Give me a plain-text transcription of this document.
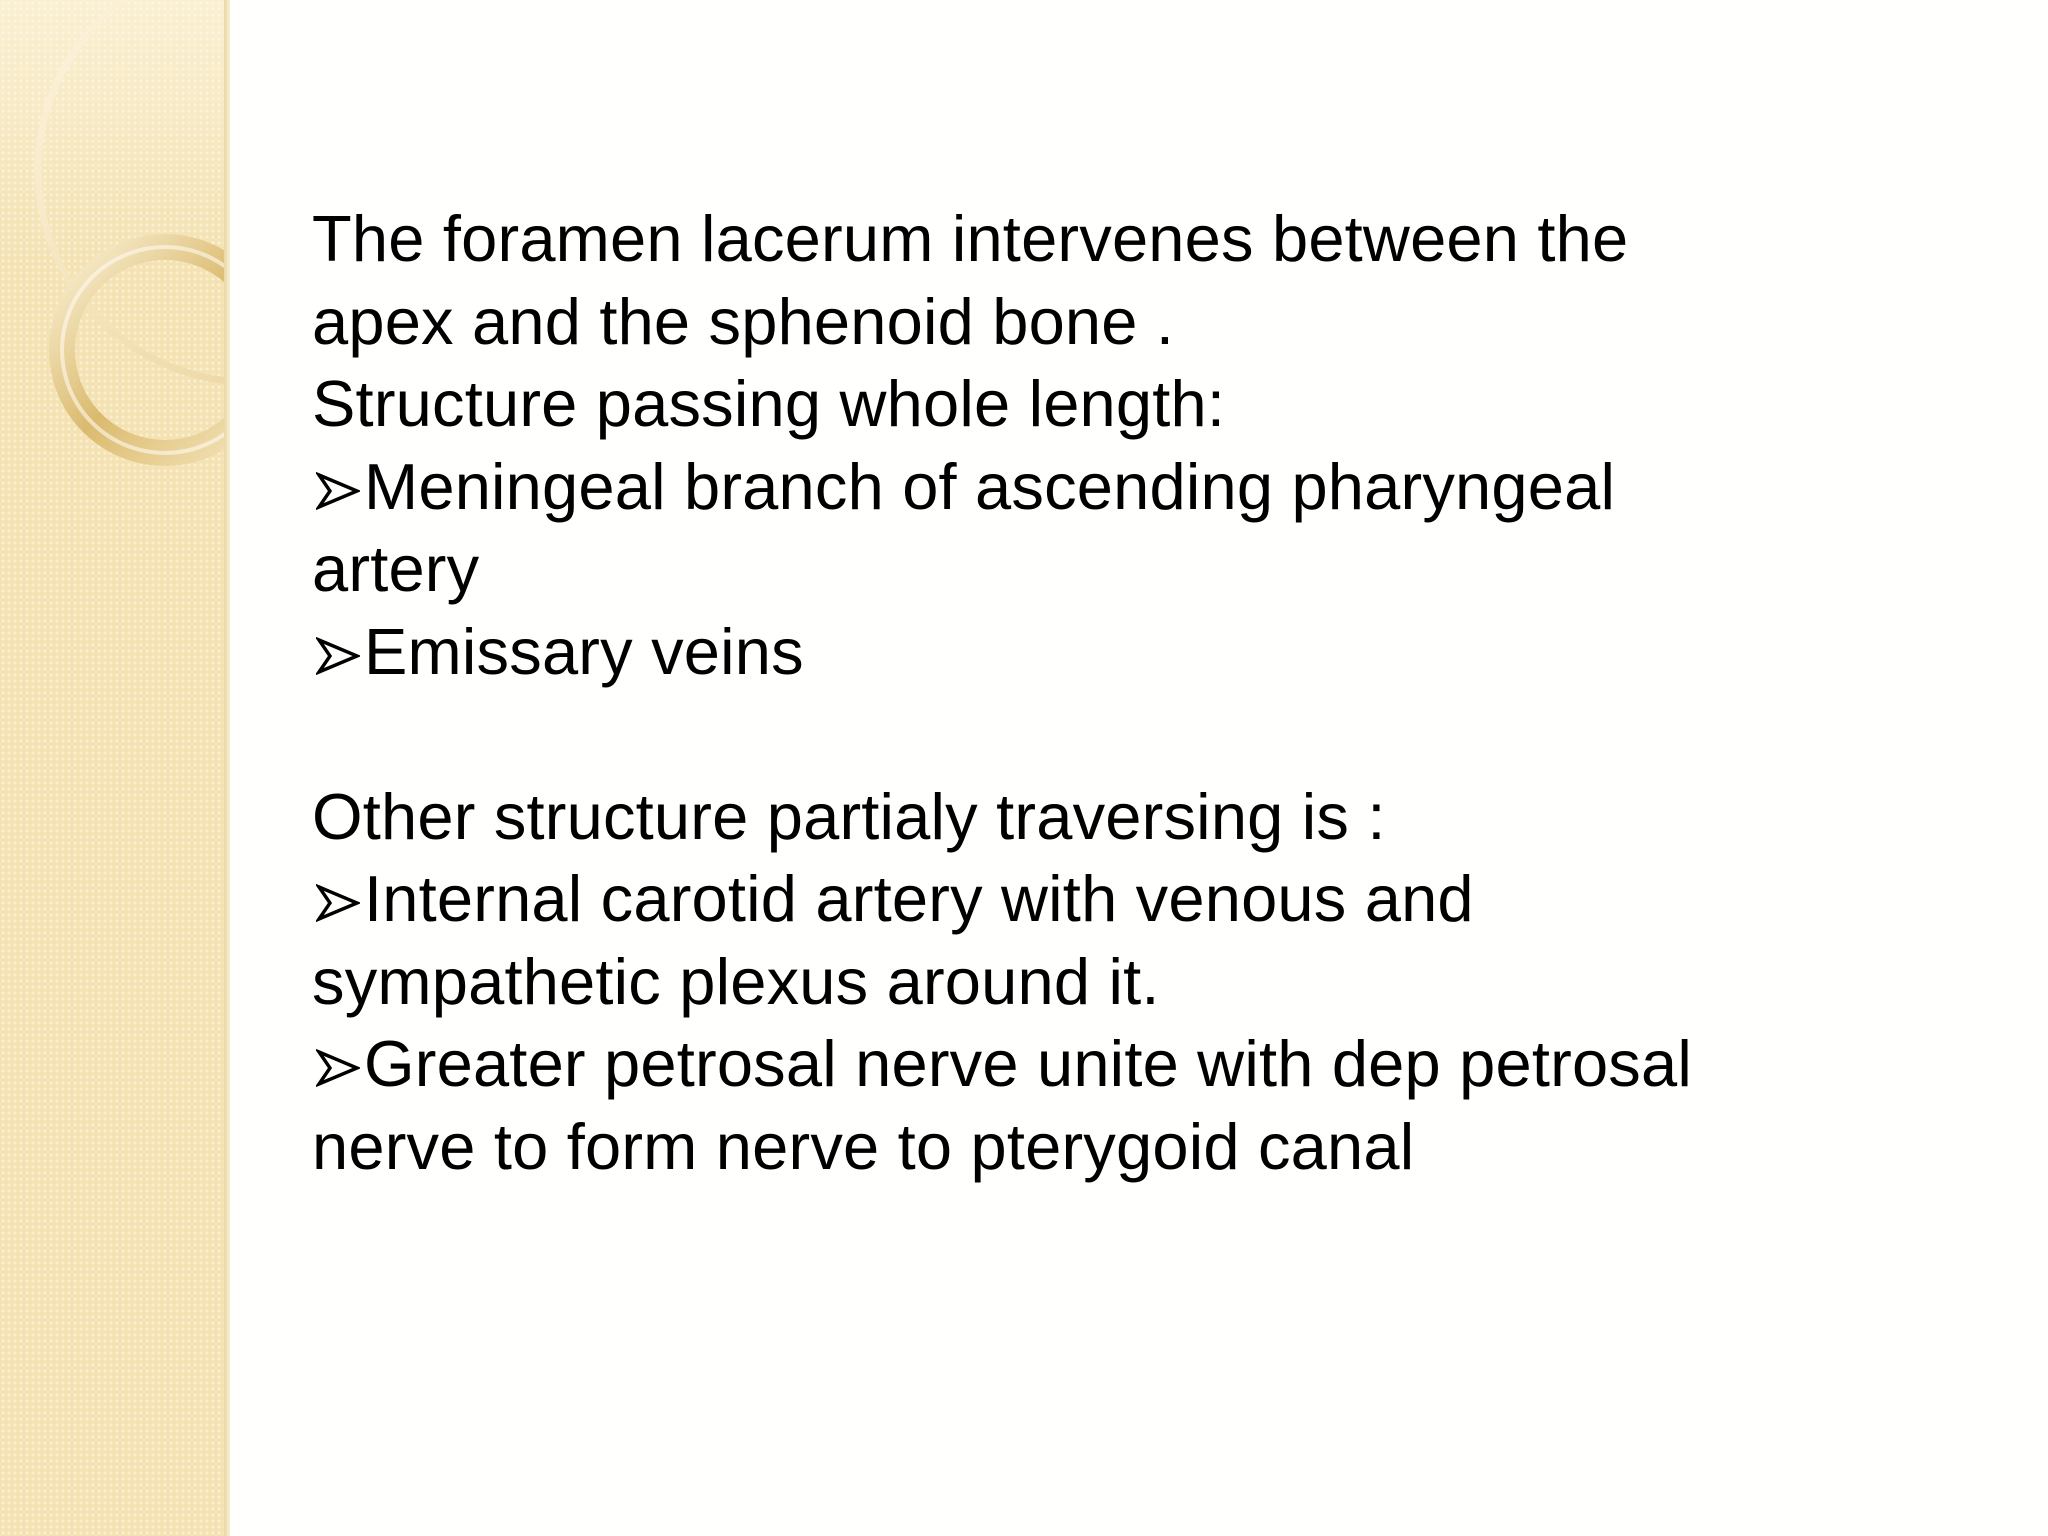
The foramen lacerum intervenes between the
apex and the sphenoid bone .
Structure passing whole length:
Meningeal branch of ascending pharyngeal
artery
Emissary veins
Other structure partialy traversing is :
Internal carotid artery with venous and
sympathetic plexus around it.
Greater petrosal nerve unite with dep petrosal
nerve to form nerve to pterygoid canal
